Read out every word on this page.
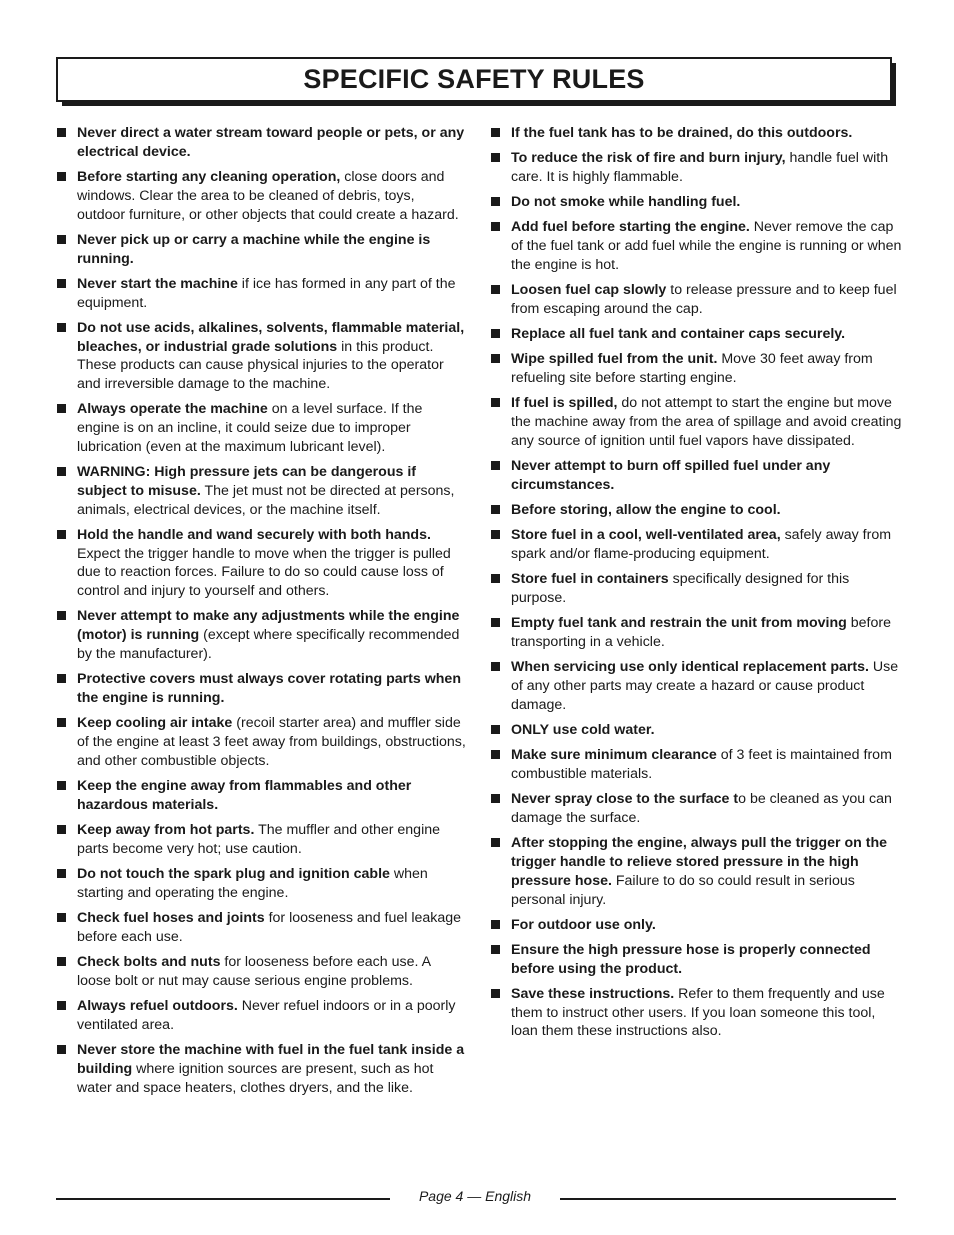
SPECIFIC SAFETY RULES
Never direct a water stream toward people or pets, or any electrical device.
Before starting any cleaning operation, close doors and windows. Clear the area to be cleaned of debris, toys, outdoor furniture, or other objects that could create a hazard.
Never pick up or carry a machine while the engine is running.
Never start the machine if ice has formed in any part of the equipment.
Do not use acids, alkalines, solvents, flammable material, bleaches, or industrial grade solutions in this product. These products can cause physical injuries to the operator and irreversible damage to the machine.
Always operate the machine on a level surface. If the engine is on an incline, it could seize due to improper lubrication (even at the maximum lubricant level).
WARNING: High pressure jets can be dangerous if subject to misuse. The jet must not be directed at persons, animals, electrical devices, or the machine itself.
Hold the handle and wand securely with both hands. Expect the trigger handle to move when the trigger is pulled due to reaction forces. Failure to do so could cause loss of control and injury to yourself and others.
Never attempt to make any adjustments while the engine (motor) is running (except where specifically recommended by the manufacturer).
Protective covers must always cover rotating parts when the engine is running.
Keep cooling air intake (recoil starter area) and muffler side of the engine at least 3 feet away from buildings, obstructions, and other combustible objects.
Keep the engine away from flammables and other hazardous materials.
Keep away from hot parts. The muffler and other engine parts become very hot; use caution.
Do not touch the spark plug and ignition cable when starting and operating the engine.
Check fuel hoses and joints for looseness and fuel leakage before each use.
Check bolts and nuts for looseness before each use. A loose bolt or nut may cause serious engine problems.
Always refuel outdoors. Never refuel indoors or in a poorly ventilated area.
Never store the machine with fuel in the fuel tank inside a building where ignition sources are present, such as hot water and space heaters, clothes dryers, and the like.
If the fuel tank has to be drained, do this outdoors.
To reduce the risk of fire and burn injury, handle fuel with care. It is highly flammable.
Do not smoke while handling fuel.
Add fuel before starting the engine. Never remove the cap of the fuel tank or add fuel while the engine is running or when the engine is hot.
Loosen fuel cap slowly to release pressure and to keep fuel from escaping around the cap.
Replace all fuel tank and container caps securely.
Wipe spilled fuel from the unit. Move 30 feet away from refueling site before starting engine.
If fuel is spilled, do not attempt to start the engine but move the machine away from the area of spillage and avoid creating any source of ignition until fuel vapors have dissipated.
Never attempt to burn off spilled fuel under any circumstances.
Before storing, allow the engine to cool.
Store fuel in a cool, well-ventilated area, safely away from spark and/or flame-producing equipment.
Store fuel in containers specifically designed for this purpose.
Empty fuel tank and restrain the unit from moving before transporting in a vehicle.
When servicing use only identical replacement parts. Use of any other parts may create a hazard or cause product damage.
ONLY use cold water.
Make sure minimum clearance of 3 feet is maintained from combustible materials.
Never spray close to the surface to be cleaned as you can damage the surface.
After stopping the engine, always pull the trigger on the trigger handle to relieve stored pressure in the high pressure hose. Failure to do so could result in serious personal injury.
For outdoor use only.
Ensure the high pressure hose is properly connected before using the product.
Save these instructions. Refer to them frequently and use them to instruct other users. If you loan someone this tool, loan them these instructions also.
Page 4 — English
